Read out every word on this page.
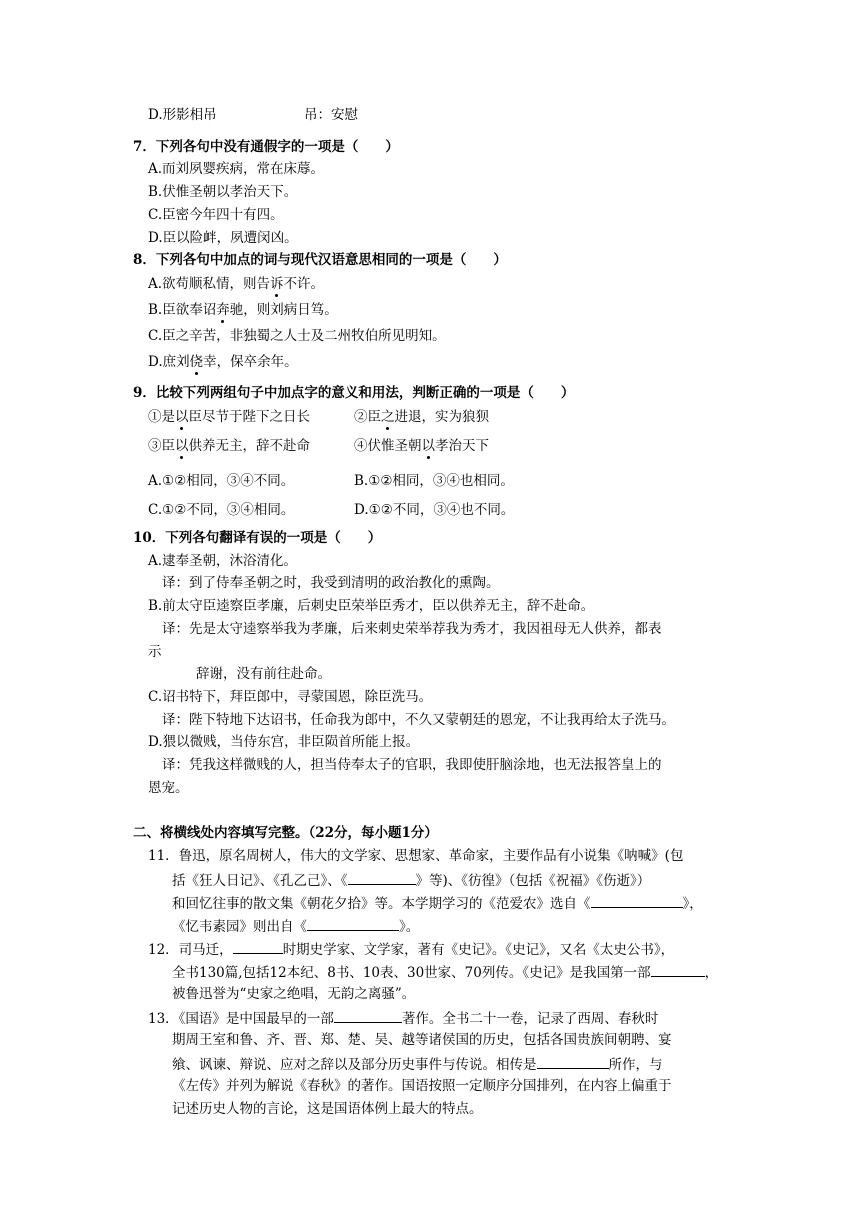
D.形影相吊	吊：安慰
7．下列各句中没有通假字的一项是（　　）
A.而刘夙婴疾病，常在床蓐。
B.伏惟圣朝以孝治天下。
C.臣密今年四十有四。
D.臣以险衅，夙遭闵凶。
8．下列各句中加点的词与现代汉语意思相同的一项是（　　）
A.欲苟顺私情，则告诉不许。
B.臣欲奉诏奔驰，则刘病日笃。
C.臣之辛苦，非独蜀之人士及二州牧伯所见明知。
D.庶刘侥幸，保卒余年。
9．比较下列两组句子中加点字的意义和用法，判断正确的一项是（　　）
①是以臣尽节于陛下之日长	②臣之进退，实为狼狈
③臣以供养无主，辞不赴命	④伏惟圣朝以孝治天下
A.①②相同，③④不同。	B.①②相同，③④也相同。
C.①②不同，③④相同。	D.①②不同，③④也不同。
10．下列各句翻译有误的一项是（　　）
A.逮奉圣朝，沐浴清化。
译：到了侍奉圣朝之时，我受到清明的政治教化的熏陶。
B.前太守臣逵察臣孝廉，后刺史臣荣举臣秀才，臣以供养无主，辞不赴命。
译：先是太守逵察举我为孝廉，后来刺史荣举荐我为秀才，我因祖母无人供养，都表
示
辞谢，没有前往赴命。
C.诏书特下，拜臣郎中，寻蒙国恩，除臣洗马。
译：陛下特地下达诏书，任命我为郎中，不久又蒙朝廷的恩宠，不让我再给太子洗马。
D.猥以微贱，当侍东宫，非臣陨首所能上报。
译：凭我这样微贱的人，担当侍奉太子的官职，我即使肝脑涂地，也无法报答皇上的
恩宠。
二、将横线处内容填写完整。（22分，每小题1分）
11．鲁迅，原名周树人，伟大的文学家、思想家、革命家，主要作品有小说集《呐喊》(包
括《狂人日记》、《孔乙己》、《	》等)、《彷徨》（包括《祝福》《伤逝》）
和回忆往事的散文集《朝花夕拾》等。本学期学习的《范爱农》选自《	》，
《忆韦素园》则出自《	》。
12．司马迁，	时期史学家、文学家，著有《史记》。《史记》，又名《太史公书》，
全书130篇,包括12本纪、8书、10表、30世家、70列传。《史记》是我国第一部	，
被鲁迅誉为“史家之绝唱，无韵之离骚”。
13．《国语》是中国最早的一部	著作。全书二十一卷，记录了西周、春秋时
期周王室和鲁、齐、晋、郑、楚、吴、越等诸侯国的历史，包括各国贵族间朝聘、宴
飨、讽谏、辩说、应对之辞以及部分历史事件与传说。相传是	所作，与
《左传》并列为解说《春秋》的著作。国语按照一定顺序分国排列，在内容上偏重于
记述历史人物的言论，这是国语体例上最大的特点。
